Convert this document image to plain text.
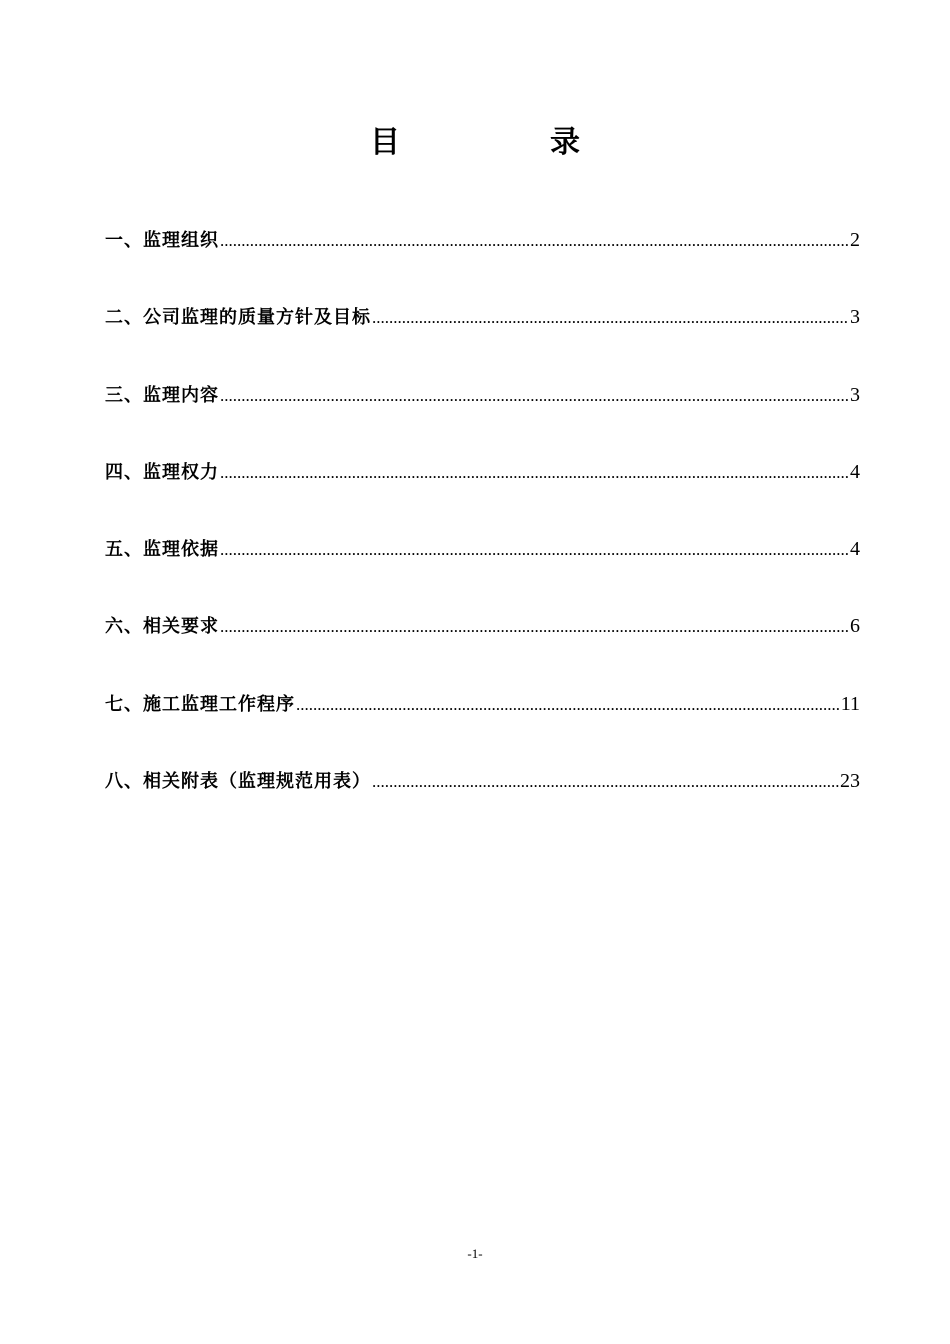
目　录
一、监理组织 .....	2
二、公司监理的质量方针及目标 .....	3
三、监理内容 .....	3
四、监理权力 .....	4
五、监理依据 .....	4
六、相关要求 .....	6
七、施工监理工作程序 .....	11
八、相关附表（监理规范用表） .....	23
-1-
